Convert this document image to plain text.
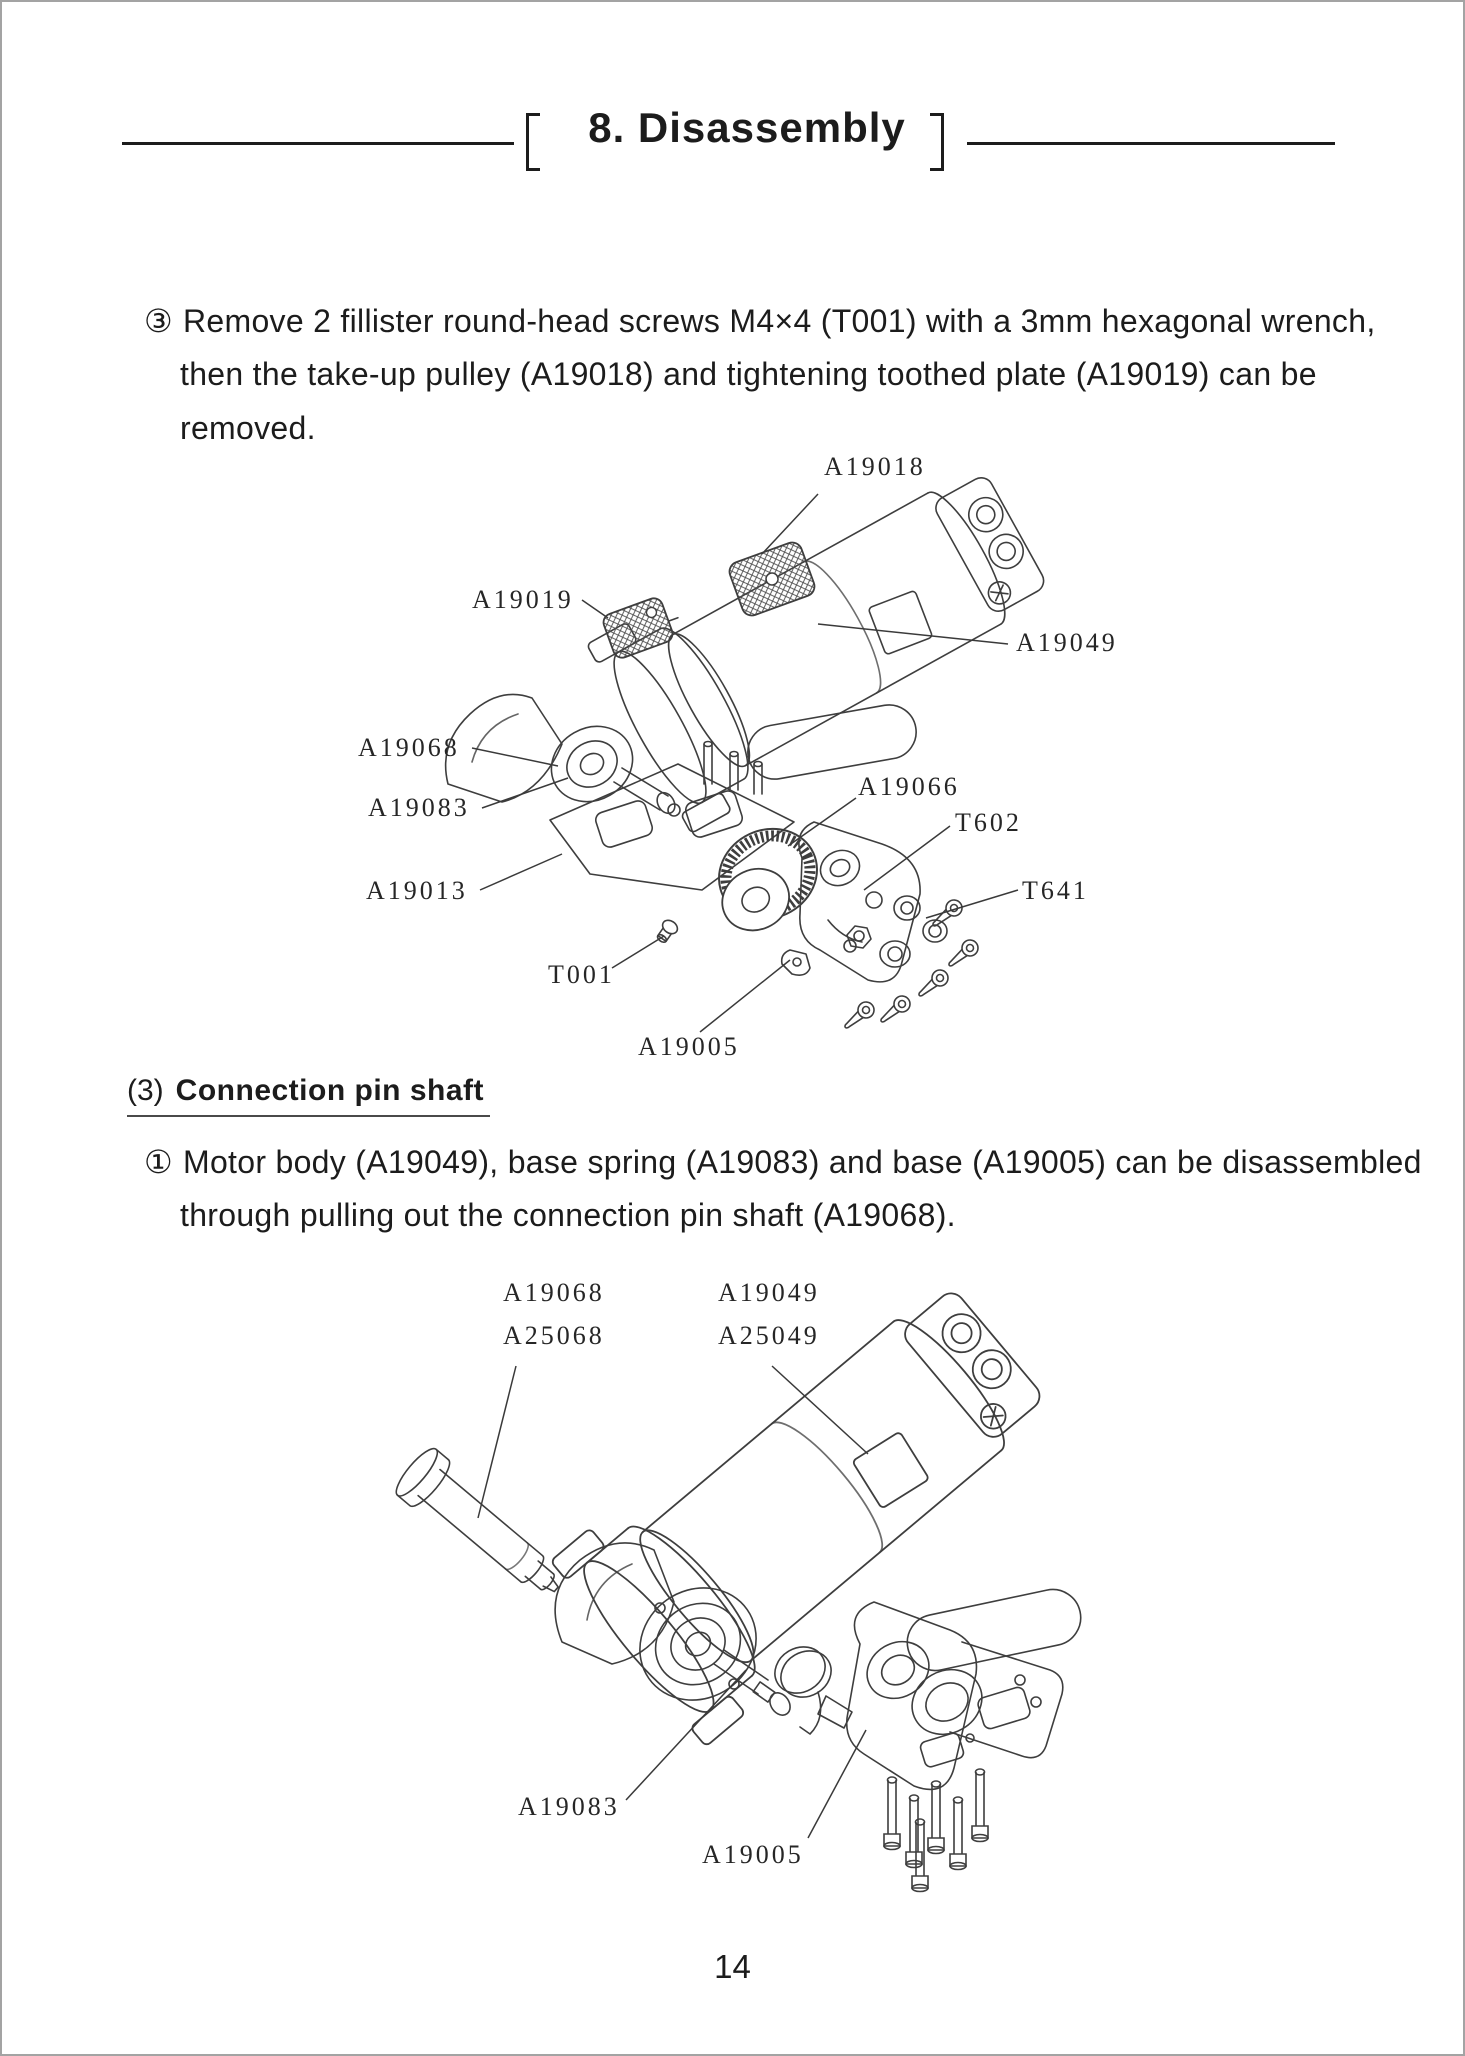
8. Disassembly
③ Remove 2 fillister round-head screws M4×4 (T001) with a 3mm hexagonal wrench,
then the take-up pulley (A19018) and tightening toothed plate (A19019) can be
removed.
A19018
A19019
A19049
A19068
A19083
A19066
T602
A19013	T641
T001
A19005
(3) Connection pin shaft
① Motor body (A19049), base spring (A19083) and base (A19005) can be disassembled
through pulling out the connection pin shaft (A19068).
A19068
A25068
A19049
A25049
A19083
A19005
14
